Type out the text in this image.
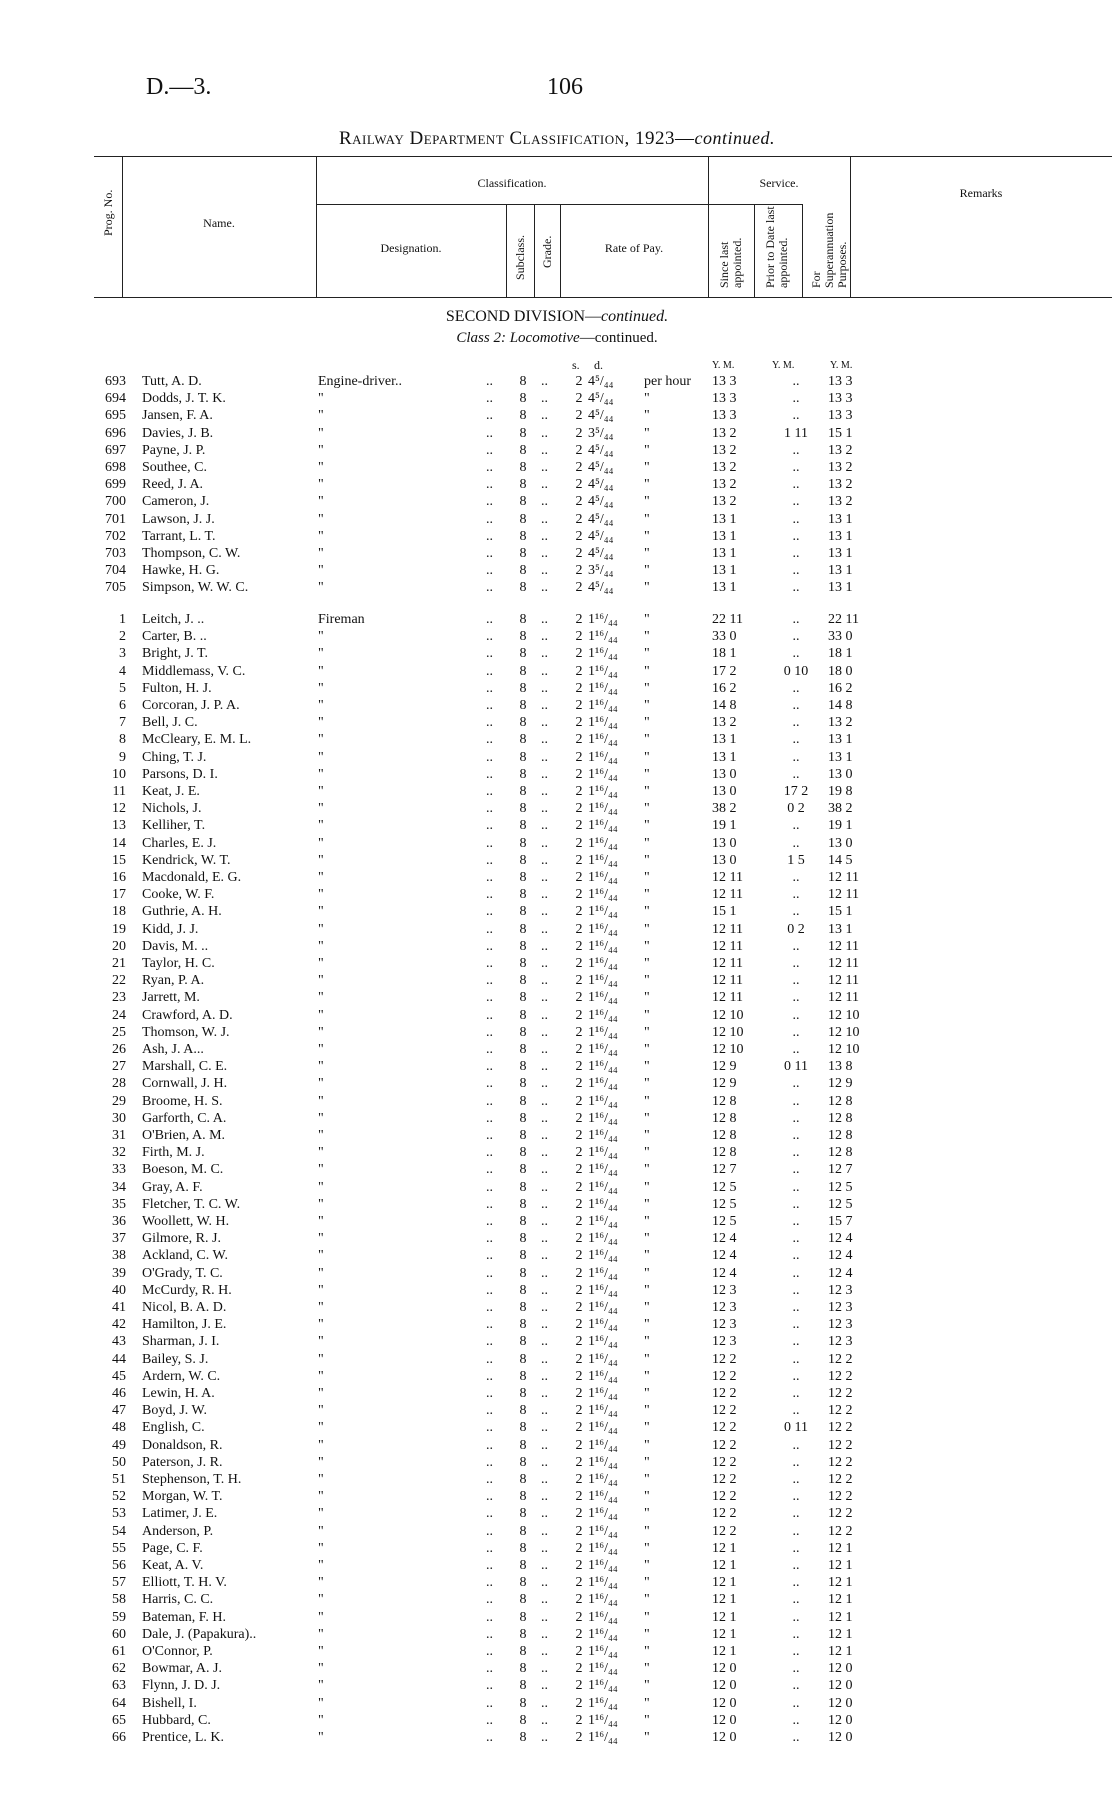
D.—3.	106
Railway Department Classification, 1923—continued.
Prog. No.	Name.
Classification.
Designation.	Subclass. Grade.	Rate of Pay.
Service.
Since last appointed. Prior to Date last appointed. For Superannuation Purposes.
Remarks
SECOND DIVISION—continued.
Class 2: Locomotive—continued.
s. d.	Y. M.	Y. M.	Y. M.
693 Tutt, A. D.	Engine-driver..	.. 8 .. 2 4⁵/₄₄	per hour	13 3	..	13 3
694 Dodds, J. T. K.	"	.. 8 .. 2 4⁵/₄₄	"	13 3	..	13 3
695 Jansen, F. A.	"	.. 8 .. 2 4⁵/₄₄	"	13 3	..	13 3
696 Davies, J. B.	"	.. 8 .. 2 3⁵/₄₄	"	13 2	1 11	15 1
697 Payne, J. P.	"	.. 8 .. 2 4⁵/₄₄	"	13 2	..	13 2
698 Southee, C.	"	.. 8 .. 2 4⁵/₄₄	"	13 2	..	13 2
699 Reed, J. A.	"	.. 8 .. 2 4⁵/₄₄	"	13 2	..	13 2
700 Cameron, J.	"	.. 8 .. 2 4⁵/₄₄	"	13 2	..	13 2
701 Lawson, J. J.	"	.. 8 .. 2 4⁵/₄₄	"	13 1	..	13 1
702 Tarrant, L. T.	"	.. 8 .. 2 4⁵/₄₄	"	13 1	..	13 1
703 Thompson, C. W.	"	.. 8 .. 2 4⁵/₄₄	"	13 1	..	13 1
704 Hawke, H. G.	"	.. 8 .. 2 3⁵/₄₄	"	13 1	..	13 1
705 Simpson, W. W. C.	"	.. 8 .. 2 4⁵/₄₄	"	13 1	..	13 1
1 Leitch, J. ..	Fireman	.. 8 .. 2 1¹⁶/₄₄	"	22 11	..	22 11
2 Carter, B. ..	"	.. 8 .. 2 1¹⁶/₄₄	"	33 0	..	33 0
3 Bright, J. T.	"	.. 8 .. 2 1¹⁶/₄₄	"	18 1	..	18 1
4 Middlemass, V. C.	"	.. 8 .. 2 1¹⁶/₄₄	"	17 2	0 10	18 0
5 Fulton, H. J.	"	.. 8 .. 2 1¹⁶/₄₄	"	16 2	..	16 2
6 Corcoran, J. P. A.	"	.. 8 .. 2 1¹⁶/₄₄	"	14 8	..	14 8
7 Bell, J. C.	"	.. 8 .. 2 1¹⁶/₄₄	"	13 2	..	13 2
8 McCleary, E. M. L.	"	.. 8 .. 2 1¹⁶/₄₄	"	13 1	..	13 1
9 Ching, T. J.	"	.. 8 .. 2 1¹⁶/₄₄	"	13 1	..	13 1
10 Parsons, D. I.	"	.. 8 .. 2 1¹⁶/₄₄	"	13 0	..	13 0
11 Keat, J. E.	"	.. 8 .. 2 1¹⁶/₄₄	"	13 0	17 2	19 8
12 Nichols, J.	"	.. 8 .. 2 1¹⁶/₄₄	"	38 2	0 2	38 2
13 Kelliher, T.	"	.. 8 .. 2 1¹⁶/₄₄	"	19 1	..	19 1
14 Charles, E. J.	"	.. 8 .. 2 1¹⁶/₄₄	"	13 0	..	13 0
15 Kendrick, W. T.	"	.. 8 .. 2 1¹⁶/₄₄	"	13 0	1 5	14 5
16 Macdonald, E. G.	"	.. 8 .. 2 1¹⁶/₄₄	"	12 11	..	12 11
17 Cooke, W. F.	"	.. 8 .. 2 1¹⁶/₄₄	"	12 11	..	12 11
18 Guthrie, A. H.	"	.. 8 .. 2 1¹⁶/₄₄	"	15 1	..	15 1
19 Kidd, J. J.	"	.. 8 .. 2 1¹⁶/₄₄	"	12 11	0 2	13 1
20 Davis, M. ..	"	.. 8 .. 2 1¹⁶/₄₄	"	12 11	..	12 11
21 Taylor, H. C.	"	.. 8 .. 2 1¹⁶/₄₄	"	12 11	..	12 11
22 Ryan, P. A.	"	.. 8 .. 2 1¹⁶/₄₄	"	12 11	..	12 11
23 Jarrett, M.	"	.. 8 .. 2 1¹⁶/₄₄	"	12 11	..	12 11
24 Crawford, A. D.	"	.. 8 .. 2 1¹⁶/₄₄	"	12 10	..	12 10
25 Thomson, W. J.	"	.. 8 .. 2 1¹⁶/₄₄	"	12 10	..	12 10
26 Ash, J. A...	"	.. 8 .. 2 1¹⁶/₄₄	"	12 10	..	12 10
27 Marshall, C. E.	"	.. 8 .. 2 1¹⁶/₄₄	"	12 9	0 11	13 8
28 Cornwall, J. H.	"	.. 8 .. 2 1¹⁶/₄₄	"	12 9	..	12 9
29 Broome, H. S.	"	.. 8 .. 2 1¹⁶/₄₄	"	12 8	..	12 8
30 Garforth, C. A.	"	.. 8 .. 2 1¹⁶/₄₄	"	12 8	..	12 8
31 O'Brien, A. M.	"	.. 8 .. 2 1¹⁶/₄₄	"	12 8	..	12 8
32 Firth, M. J.	"	.. 8 .. 2 1¹⁶/₄₄	"	12 8	..	12 8
33 Boeson, M. C.	"	.. 8 .. 2 1¹⁶/₄₄	"	12 7	..	12 7
34 Gray, A. F.	"	.. 8 .. 2 1¹⁶/₄₄	"	12 5	..	12 5
35 Fletcher, T. C. W.	"	.. 8 .. 2 1¹⁶/₄₄	"	12 5	..	12 5
36 Woollett, W. H.	"	.. 8 .. 2 1¹⁶/₄₄	"	12 5	..	15 7
37 Gilmore, R. J.	"	.. 8 .. 2 1¹⁶/₄₄	"	12 4	..	12 4
38 Ackland, C. W.	"	.. 8 .. 2 1¹⁶/₄₄	"	12 4	..	12 4
39 O'Grady, T. C.	"	.. 8 .. 2 1¹⁶/₄₄	"	12 4	..	12 4
40 McCurdy, R. H.	"	.. 8 .. 2 1¹⁶/₄₄	"	12 3	..	12 3
41 Nicol, B. A. D.	"	.. 8 .. 2 1¹⁶/₄₄	"	12 3	..	12 3
42 Hamilton, J. E.	"	.. 8 .. 2 1¹⁶/₄₄	"	12 3	..	12 3
43 Sharman, J. I.	"	.. 8 .. 2 1¹⁶/₄₄	"	12 3	..	12 3
44 Bailey, S. J.	"	.. 8 .. 2 1¹⁶/₄₄	"	12 2	..	12 2
45 Ardern, W. C.	"	.. 8 .. 2 1¹⁶/₄₄	"	12 2	..	12 2
46 Lewin, H. A.	"	.. 8 .. 2 1¹⁶/₄₄	"	12 2	..	12 2
47 Boyd, J. W.	"	.. 8 .. 2 1¹⁶/₄₄	"	12 2	..	12 2
48 English, C.	"	.. 8 .. 2 1¹⁶/₄₄	"	12 2	0 11	12 2
49 Donaldson, R.	"	.. 8 .. 2 1¹⁶/₄₄	"	12 2	..	12 2
50 Paterson, J. R.	"	.. 8 .. 2 1¹⁶/₄₄	"	12 2	..	12 2
51 Stephenson, T. H.	"	.. 8 .. 2 1¹⁶/₄₄	"	12 2	..	12 2
52 Morgan, W. T.	"	.. 8 .. 2 1¹⁶/₄₄	"	12 2	..	12 2
53 Latimer, J. E.	"	.. 8 .. 2 1¹⁶/₄₄	"	12 2	..	12 2
54 Anderson, P.	"	.. 8 .. 2 1¹⁶/₄₄	"	12 2	..	12 2
55 Page, C. F.	"	.. 8 .. 2 1¹⁶/₄₄	"	12 1	..	12 1
56 Keat, A. V.	"	.. 8 .. 2 1¹⁶/₄₄	"	12 1	..	12 1
57 Elliott, T. H. V.	"	.. 8 .. 2 1¹⁶/₄₄	"	12 1	..	12 1
58 Harris, C. C.	"	.. 8 .. 2 1¹⁶/₄₄	"	12 1	..	12 1
59 Bateman, F. H.	"	.. 8 .. 2 1¹⁶/₄₄	"	12 1	..	12 1
60 Dale, J. (Papakura)..	"	.. 8 .. 2 1¹⁶/₄₄	"	12 1	..	12 1
61 O'Connor, P.	"	.. 8 .. 2 1¹⁶/₄₄	"	12 1	..	12 1
62 Bowmar, A. J.	"	.. 8 .. 2 1¹⁶/₄₄	"	12 0	..	12 0
63 Flynn, J. D. J.	"	.. 8 .. 2 1¹⁶/₄₄	"	12 0	..	12 0
64 Bishell, I.	"	.. 8 .. 2 1¹⁶/₄₄	"	12 0	..	12 0
65 Hubbard, C.	"	.. 8 .. 2 1¹⁶/₄₄	"	12 0	..	12 0
66 Prentice, L. K.	"	.. 8 .. 2 1¹⁶/₄₄	"	12 0	..	12 0
